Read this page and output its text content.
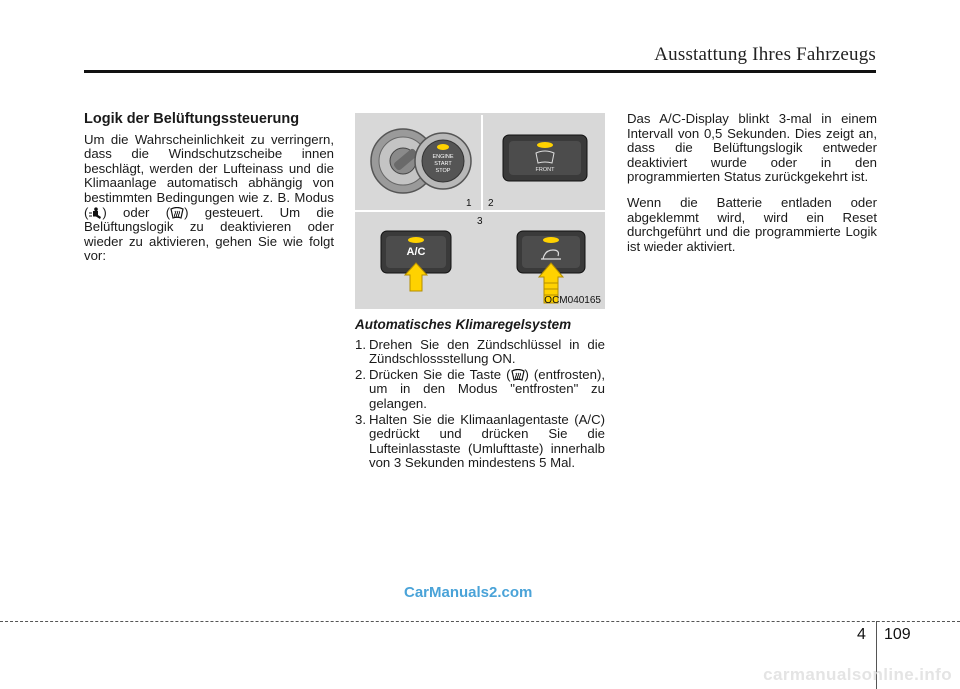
Ausstattung Ihres Fahrzeugs
Logik der Belüftungssteuerung

Um die Wahrscheinlichkeit zu verringern, dass die Windschutzscheibe innen beschlägt, werden der Lufteinass und die Klimaanlage automatisch abhängig von bestimmten Bedingungen wie z. B. Modus ( ) oder ( ) gesteuert. Um die Belüftungslogik zu deaktivieren oder wieder zu aktivieren, gehen Sie wie folgt vor:

ENGINE
START
STOP	FRONT
1 2
3
A/C
OCM040165
Automatisches Klimaregelsystem
1. Drehen Sie den Zündschlüssel in die Zündschlossstellung ON.
2. Drücken Sie die Taste ( ) (entfrosten), um in den Modus "entfrosten" zu gelangen.
3. Halten Sie die Klimaanlagentaste (A/C) gedrückt und drücken Sie die Lufteinlasstaste (Umlufttaste) innerhalb von 3 Sekunden mindestens 5 Mal.

Das A/C-Display blinkt 3-mal in einem Intervall von 0,5 Sekunden. Dies zeigt an, dass die Belüftungslogik entweder deaktiviert wurde oder in den programmierten Status zurückgekehrt ist.

Wenn die Batterie entladen oder abgeklemmt wird, wird ein Reset durchgeführt und die programmierte Logik ist wieder aktiviert.

CarManuals2.com
4 109
carmanualsonline.info
